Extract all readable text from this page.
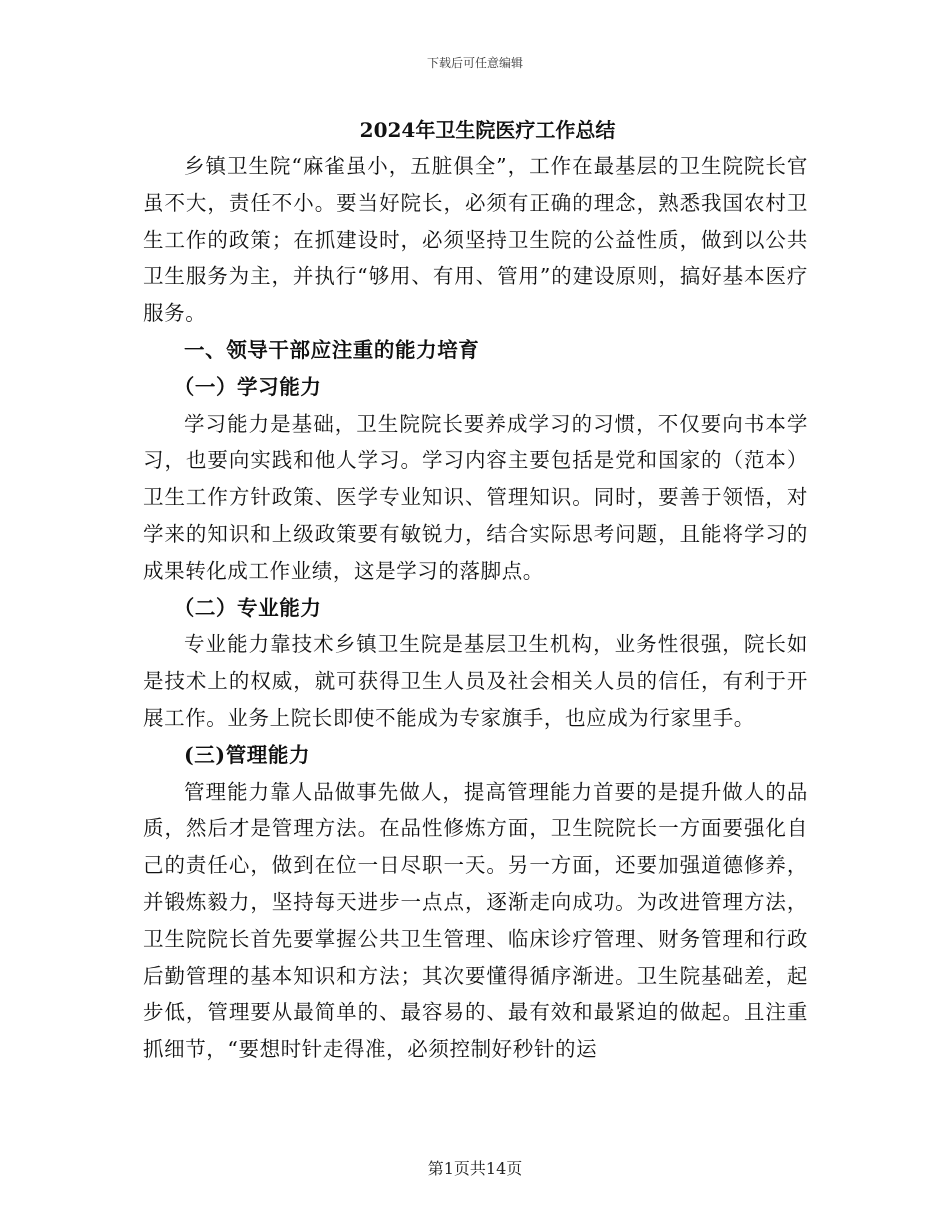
下载后可任意编辑
2024年卫生院医疗工作总结

乡镇卫生院“麻雀虽小，五脏俱全”，工作在最基层的卫生院院长官虽不大，责任不小。要当好院长，必须有正确的理念，熟悉我国农村卫生工作的政策；在抓建设时，必须坚持卫生院的公益性质，做到以公共卫生服务为主，并执行“够用、有用、管用”的建设原则，搞好基本医疗服务。

一、领导干部应注重的能力培育

（一）学习能力

学习能力是基础，卫生院院长要养成学习的习惯，不仅要向书本学习，也要向实践和他人学习。学习内容主要包括是党和国家的（范本）卫生工作方针政策、医学专业知识、管理知识。同时，要善于领悟，对学来的知识和上级政策要有敏锐力，结合实际思考问题，且能将学习的成果转化成工作业绩，这是学习的落脚点。

（二）专业能力

专业能力靠技术乡镇卫生院是基层卫生机构，业务性很强，院长如是技术上的权威，就可获得卫生人员及社会相关人员的信任，有利于开展工作。业务上院长即使不能成为专家旗手，也应成为行家里手。

(三)管理能力

管理能力靠人品做事先做人，提高管理能力首要的是提升做人的品质，然后才是管理方法。在品性修炼方面，卫生院院长一方面要强化自己的责任心，做到在位一日尽职一天。另一方面，还要加强道德修养，并锻炼毅力，坚持每天进步一点点，逐渐走向成功。为改进管理方法，卫生院院长首先要掌握公共卫生管理、临床诊疗管理、财务管理和行政后勤管理的基本知识和方法；其次要懂得循序渐进。卫生院基础差，起步低，管理要从最简单的、最容易的、最有效和最紧迫的做起。且注重抓细节，“要想时针走得准，必须控制好秒针的运

第1页共14页
